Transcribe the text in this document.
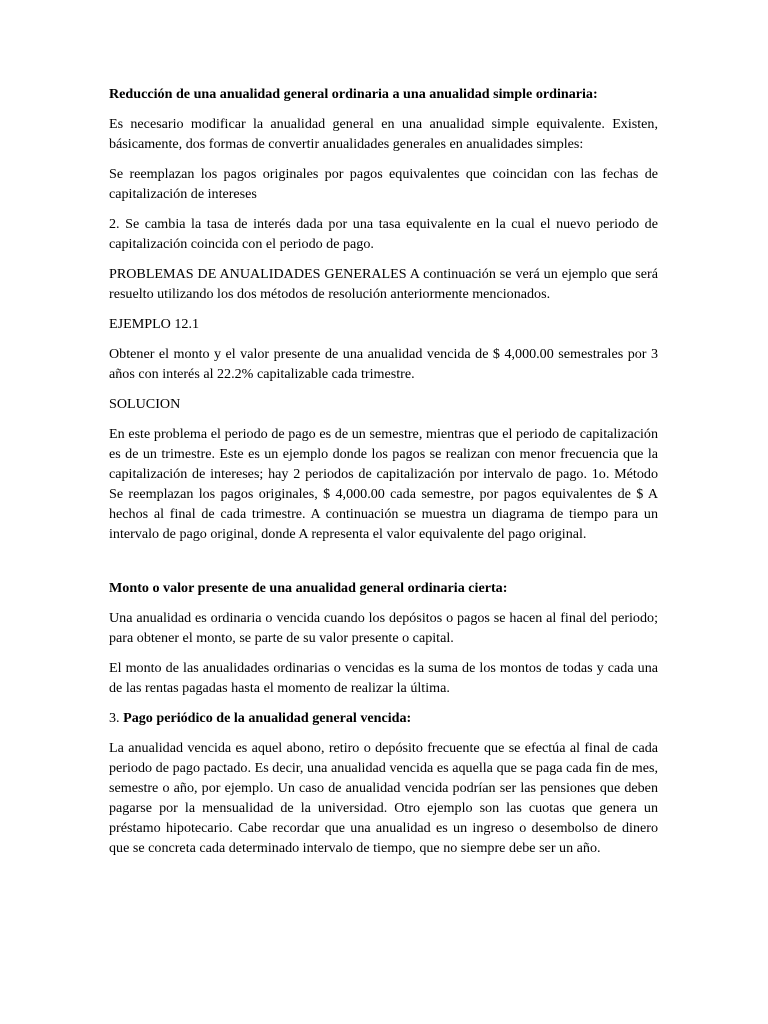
Reducción de una anualidad general ordinaria a una anualidad simple ordinaria:

Es necesario modificar la anualidad general en una anualidad simple equivalente. Existen, básicamente, dos formas de convertir anualidades generales en anualidades simples:

Se reemplazan los pagos originales por pagos equivalentes que coincidan con las fechas de capitalización de intereses

2. Se cambia la tasa de interés dada por una tasa equivalente en la cual el nuevo periodo de capitalización coincida con el periodo de pago.

PROBLEMAS DE ANUALIDADES GENERALES A continuación se verá un ejemplo que será resuelto utilizando los dos métodos de resolución anteriormente mencionados.

EJEMPLO 12.1

Obtener el monto y el valor presente de una anualidad vencida de $ 4,000.00 semestrales por 3 años con interés al 22.2% capitalizable cada trimestre.

SOLUCION

En este problema el periodo de pago es de un semestre, mientras que el periodo de capitalización es de un trimestre. Este es un ejemplo donde los pagos se realizan con menor frecuencia que la capitalización de intereses; hay 2 periodos de capitalización por intervalo de pago. 1o. Método Se reemplazan los pagos originales, $ 4,000.00 cada semestre, por pagos equivalentes de $ A hechos al final de cada trimestre. A continuación se muestra un diagrama de tiempo para un intervalo de pago original, donde A representa el valor equivalente del pago original.

Monto o valor presente de una anualidad general ordinaria cierta:

Una anualidad es ordinaria o vencida cuando los depósitos o pagos se hacen al final del periodo; para obtener el monto, se parte de su valor presente o capital.

El monto de las anualidades ordinarias o vencidas es la suma de los montos de todas y cada una de las rentas pagadas hasta el momento de realizar la última.

3. Pago periódico de la anualidad general vencida:

La anualidad vencida es aquel abono, retiro o depósito frecuente que se efectúa al final de cada periodo de pago pactado. Es decir, una anualidad vencida es aquella que se paga cada fin de mes, semestre o año, por ejemplo. Un caso de anualidad vencida podrían ser las pensiones que deben pagarse por la mensualidad de la universidad. Otro ejemplo son las cuotas que genera un préstamo hipotecario. Cabe recordar que una anualidad es un ingreso o desembolso de dinero que se concreta cada determinado intervalo de tiempo, que no siempre debe ser un año.
